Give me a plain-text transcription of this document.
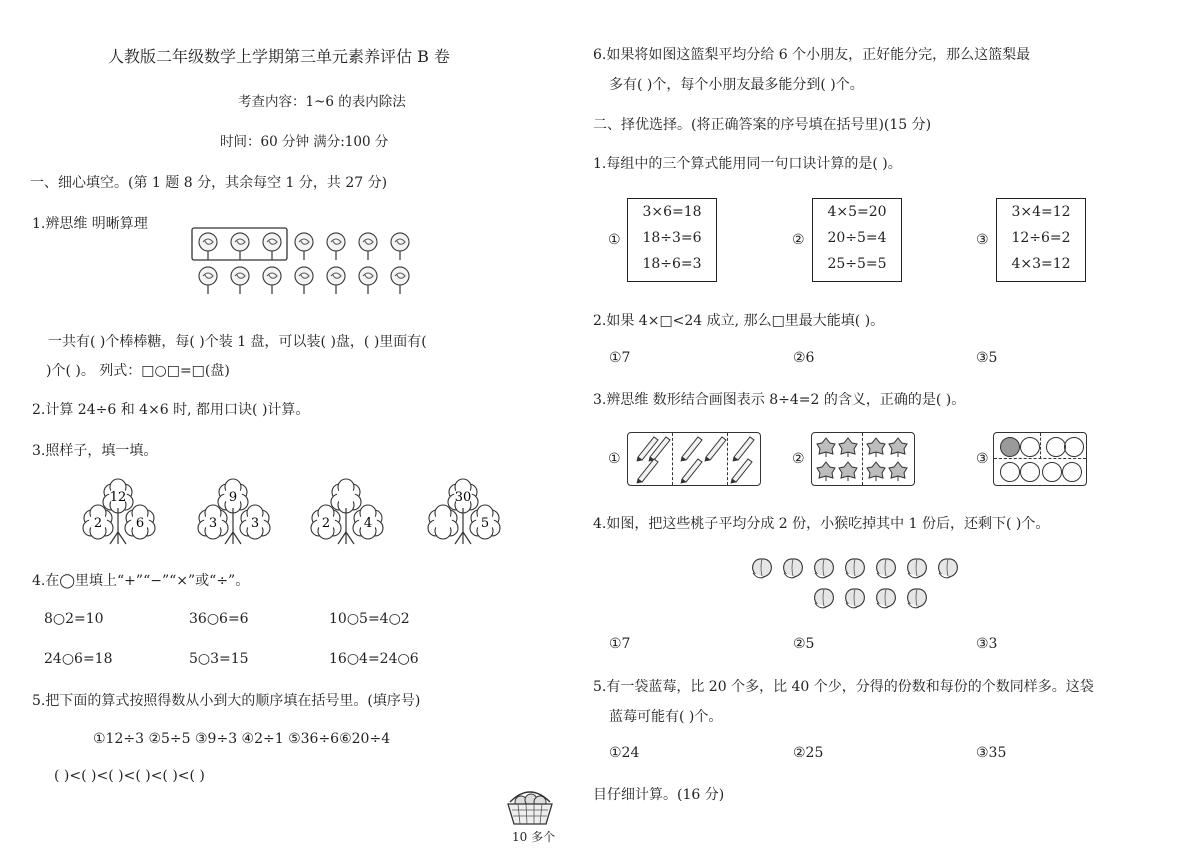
人教版二年级数学上学期第三单元素养评估 B 卷
考查内容：1~6 的表内除法
时间：60 分钟 满分:100 分
一、细心填空。(第 1 题 8 分，其余每空 1 分，共 27 分)
1.辨思维 明晰算理
一共有( )个棒棒糖，每( )个装 1 盘，可以装( )盘，( )里面有(
)个( )。 列式：□○□=□(盘)
2.计算 24÷6 和 4×6 时, 都用口诀( )计算。
3.照样子，填一填。
12
2	6
9
3	3	2	4
30
5
4.在◯里填上“+”“−”“×”或“÷”。
8○2=10	36○6=6	10○5=4○2
24○6=18	5○3=15	16○4=24○6
5.把下面的算式按照得数从小到大的顺序填在括号里。(填序号)
①12÷3 ②5÷5 ③9÷3 ④2÷1 ⑤36÷6⑥20÷4
( )<( )<( )<( )<( )<( )
10 多个
6.如果将如图这篮梨平均分给 6 个小朋友，正好能分完，那么这篮梨最
多有( )个，每个小朋友最多能分到( )个。
二、择优选择。(将正确答案的序号填在括号里)(15 分)
1.每组中的三个算式能用同一句口诀计算的是( )。
①
3×6=18
18÷3=6
18÷6=3
②
4×5=20
20÷5=4
25÷5=5
③
3×4=12
12÷6=2
4×3=12
2.如果 4×□<24 成立, 那么□里最大能填( )。
①7	②6	③5
3.辨思维 数形结合画图表示 8÷4=2 的含义，正确的是( )。
①	②	③
4.如图，把这些桃子平均分成 2 份，小猴吃掉其中 1 份后，还剩下( )个。
①7	②5	③3
5.有一袋蓝莓，比 20 个多，比 40 个少，分得的份数和每份的个数同样多。这袋
蓝莓可能有( )个。
①24	②25	③35
目仔细计算。(16 分)
